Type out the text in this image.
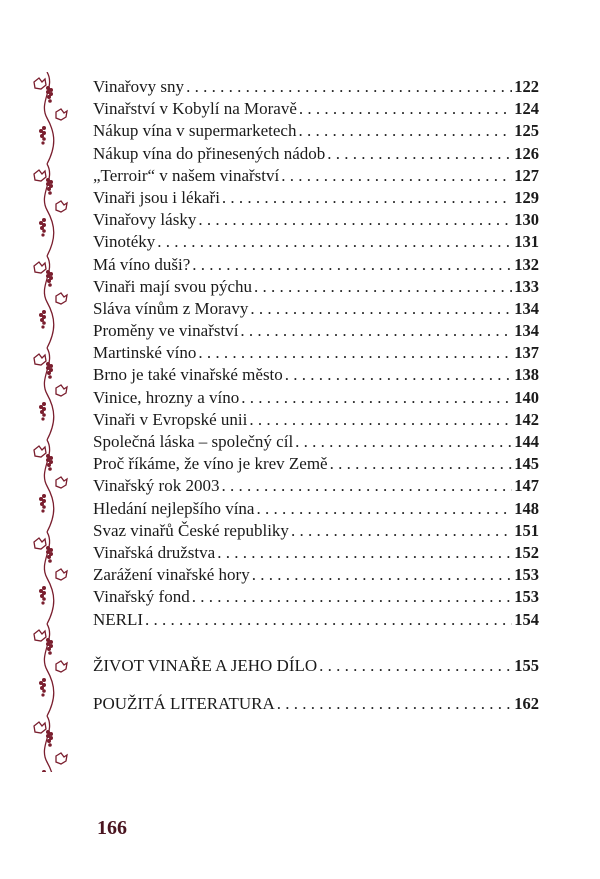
Vinařovy sny . . .	122
Vinařství v Kobylí na Moravě . . .	124
Nákup vína v supermarketech . . .	125
Nákup vína do přinesených nádob . . .	126
„Terroir“ v našem vinařství . . .	127
Vinaři jsou i lékaři . . .	129
Vinařovy lásky . . .	130
Vinotéky . . .	131
Má víno duši? . . .	132
Vinaři mají svou pýchu . . .	133
Sláva vínům z Moravy . . .	134
Proměny ve vinařství . . .	134
Martinské víno . . .	137
Brno je také vinařské město . . .	138
Vinice, hrozny a víno . . .	140
Vinaři v Evropské unii . . .	142
Společná láska – společný cíl . . .	144
Proč říkáme, že víno je krev Země . . .	145
Vinařský rok 2003 . . .	147
Hledání nejlepšího vína . . .	148
Svaz vinařů České republiky . . .	151
Vinařská družstva . . .	152
Zarážení vinařské hory . . .	153
Vinařský fond . . .	153
NERLI . . .	154
ŽIVOT VINAŘE A JEHO DÍLO . . .	155
POUŽITÁ LITERATURA . . .	162
166
